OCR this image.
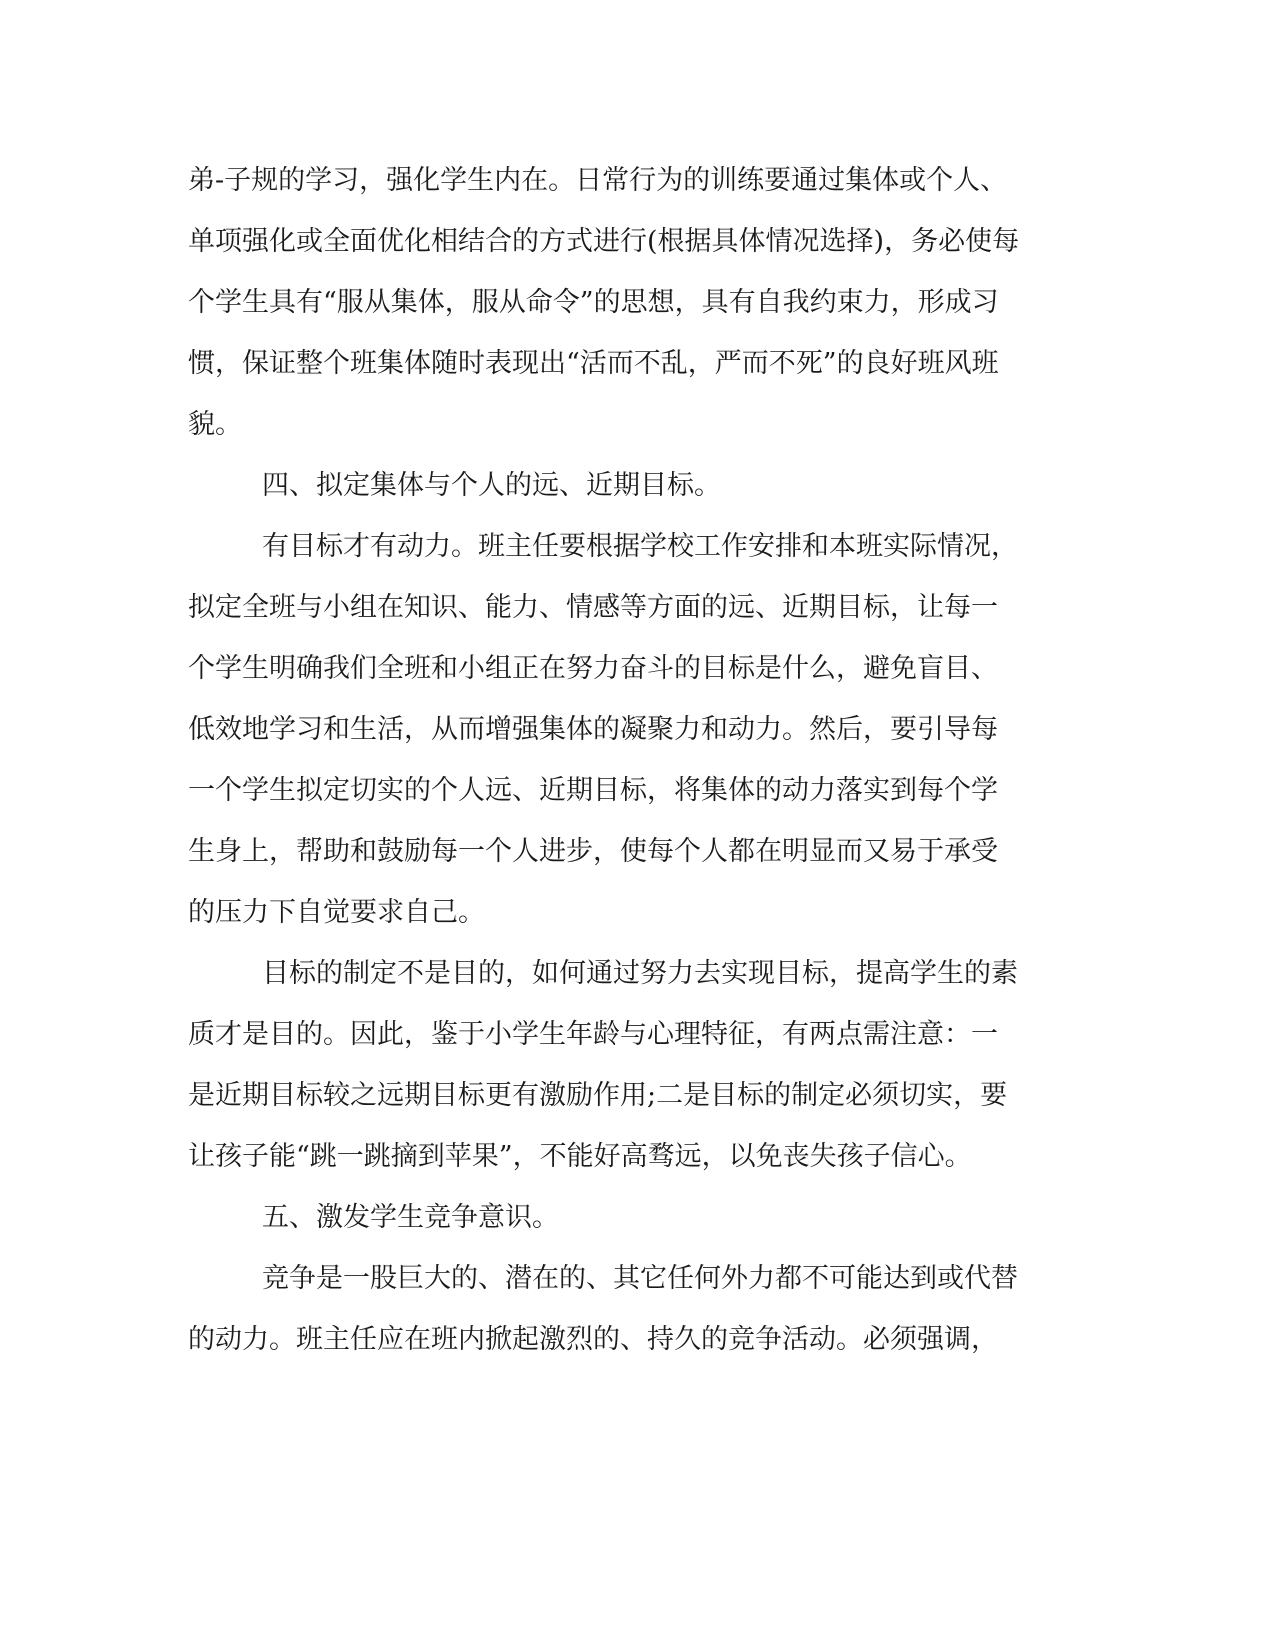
弟-子规的学习，强化学生内在。日常行为的训练要通过集体或个人、
单项强化或全面优化相结合的方式进行(根据具体情况选择)，务必使每
个学生具有“服从集体，服从命令”的思想，具有自我约束力，形成习
惯，保证整个班集体随时表现出“活而不乱，严而不死”的良好班风班
貌。
四、拟定集体与个人的远、近期目标。
有目标才有动力。班主任要根据学校工作安排和本班实际情况，
拟定全班与小组在知识、能力、情感等方面的远、近期目标，让每一
个学生明确我们全班和小组正在努力奋斗的目标是什么，避免盲目、
低效地学习和生活，从而增强集体的凝聚力和动力。然后，要引导每
一个学生拟定切实的个人远、近期目标，将集体的动力落实到每个学
生身上，帮助和鼓励每一个人进步，使每个人都在明显而又易于承受
的压力下自觉要求自己。
目标的制定不是目的，如何通过努力去实现目标，提高学生的素
质才是目的。因此，鉴于小学生年龄与心理特征，有两点需注意：一
是近期目标较之远期目标更有激励作用;二是目标的制定必须切实，要
让孩子能“跳一跳摘到苹果”，不能好高骛远，以免丧失孩子信心。
五、激发学生竞争意识。
竞争是一股巨大的、潜在的、其它任何外力都不可能达到或代替
的动力。班主任应在班内掀起激烈的、持久的竞争活动。必须强调，
